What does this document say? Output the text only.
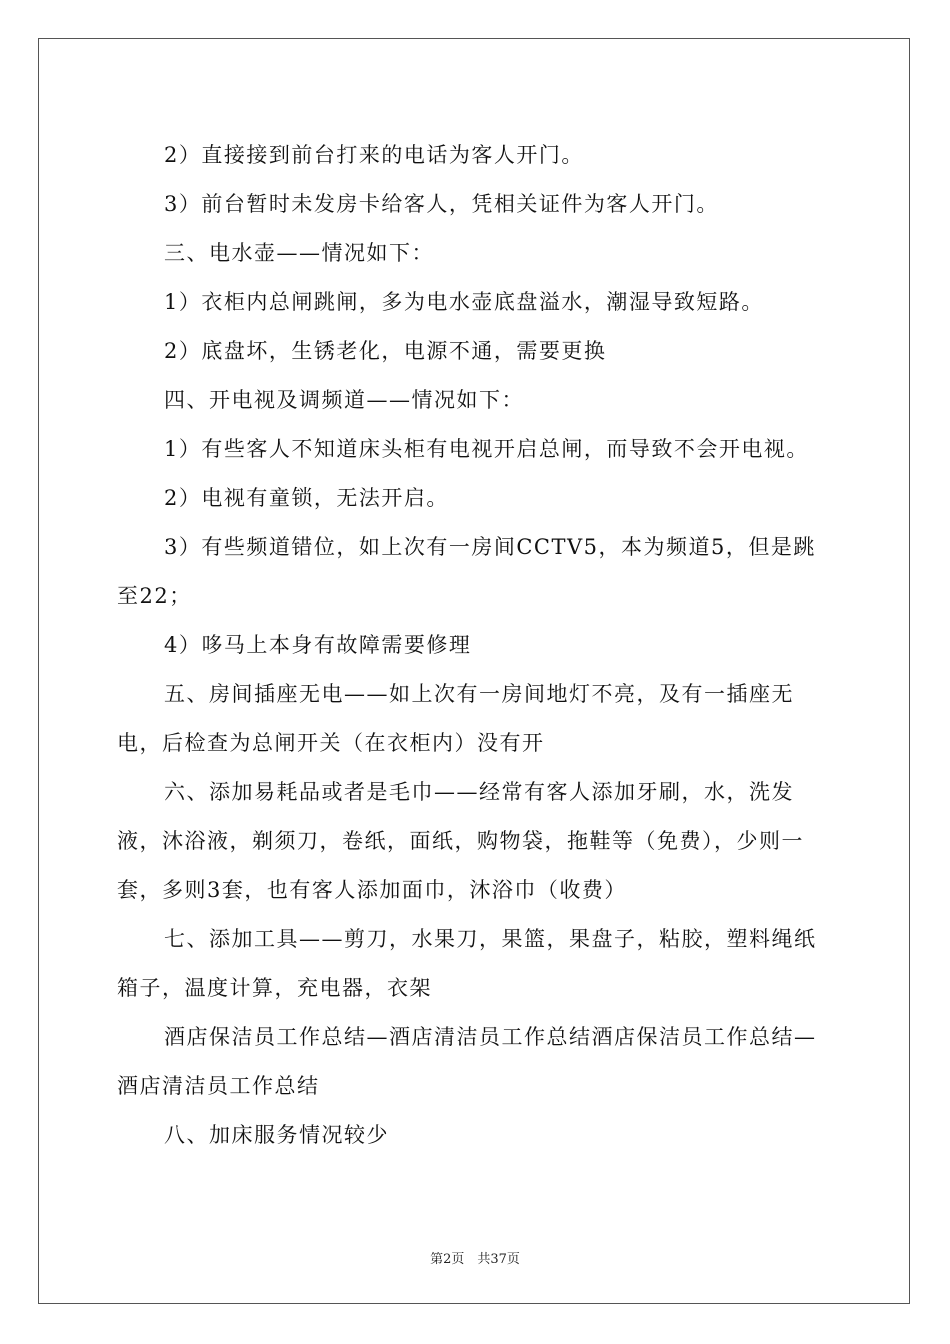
2）直接接到前台打来的电话为客人开门。

3）前台暂时未发房卡给客人，凭相关证件为客人开门。

三、电水壶——情况如下：

1）衣柜内总闸跳闸，多为电水壶底盘溢水，潮湿导致短路。

2）底盘坏，生锈老化，电源不通，需要更换

四、开电视及调频道——情况如下：

1）有些客人不知道床头柜有电视开启总闸，而导致不会开电视。

2）电视有童锁，无法开启。

3）有些频道错位，如上次有一房间CCTV5，本为频道5，但是跳至22；

4）哆马上本身有故障需要修理

五、房间插座无电——如上次有一房间地灯不亮，及有一插座无电，后检查为总闸开关（在衣柜内）没有开

六、添加易耗品或者是毛巾——经常有客人添加牙刷，水，洗发液，沐浴液，剃须刀，卷纸，面纸，购物袋，拖鞋等（免费），少则一套，多则3套，也有客人添加面巾，沐浴巾（收费）

七、添加工具——剪刀，水果刀，果篮，果盘子，粘胶，塑料绳纸箱子，温度计算，充电器，衣架

酒店保洁员工作总结—酒店清洁员工作总结酒店保洁员工作总结—酒店清洁员工作总结

八、加床服务情况较少

第2页　共37页
